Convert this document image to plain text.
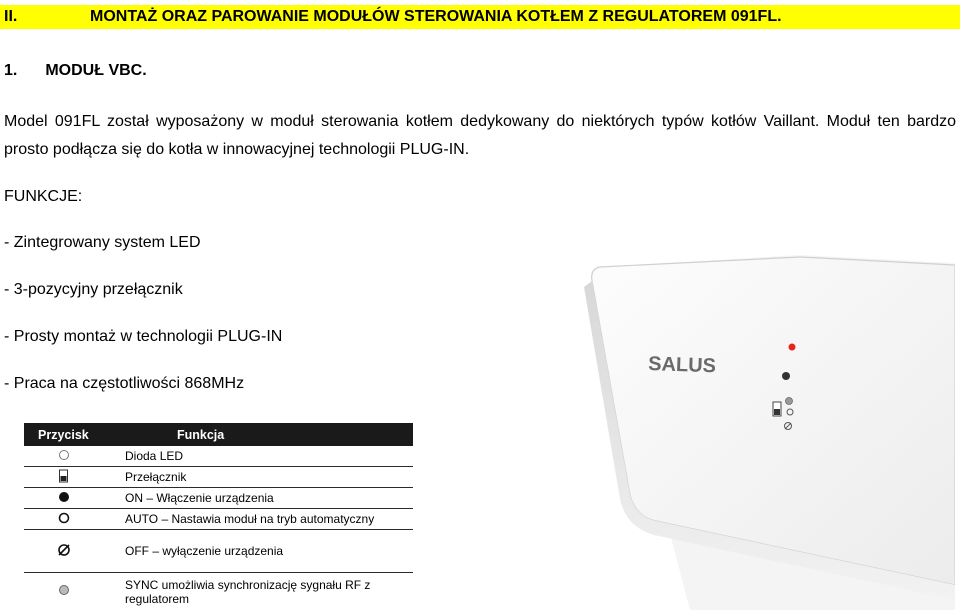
II.	MONTAŻ ORAZ PAROWANIE MODUŁÓW STEROWANIA KOTŁEM Z REGULATOREM 091FL.
1. MODUŁ VBC.
Model 091FL został wyposażony w moduł sterowania kotłem dedykowany do niektórych typów kotłów Vaillant. Moduł ten bardzo prosto podłącza się do kotła w innowacyjnej technologii PLUG-IN.
FUNKCJE:
- Zintegrowany system LED
- 3-pozycyjny przełącznik
- Prosty montaż w technologii PLUG-IN
- Praca na częstotliwości 868MHz
Przycisk	Funkcja
	Dioda LED
	Przełącznik
	ON – Włączenie urządzenia
	AUTO – Nastawia moduł na tryb automatyczny
	OFF – wyłączenie urządzenia
	SYNC umożliwia synchronizację sygnału RF z regulatorem
SALUS
